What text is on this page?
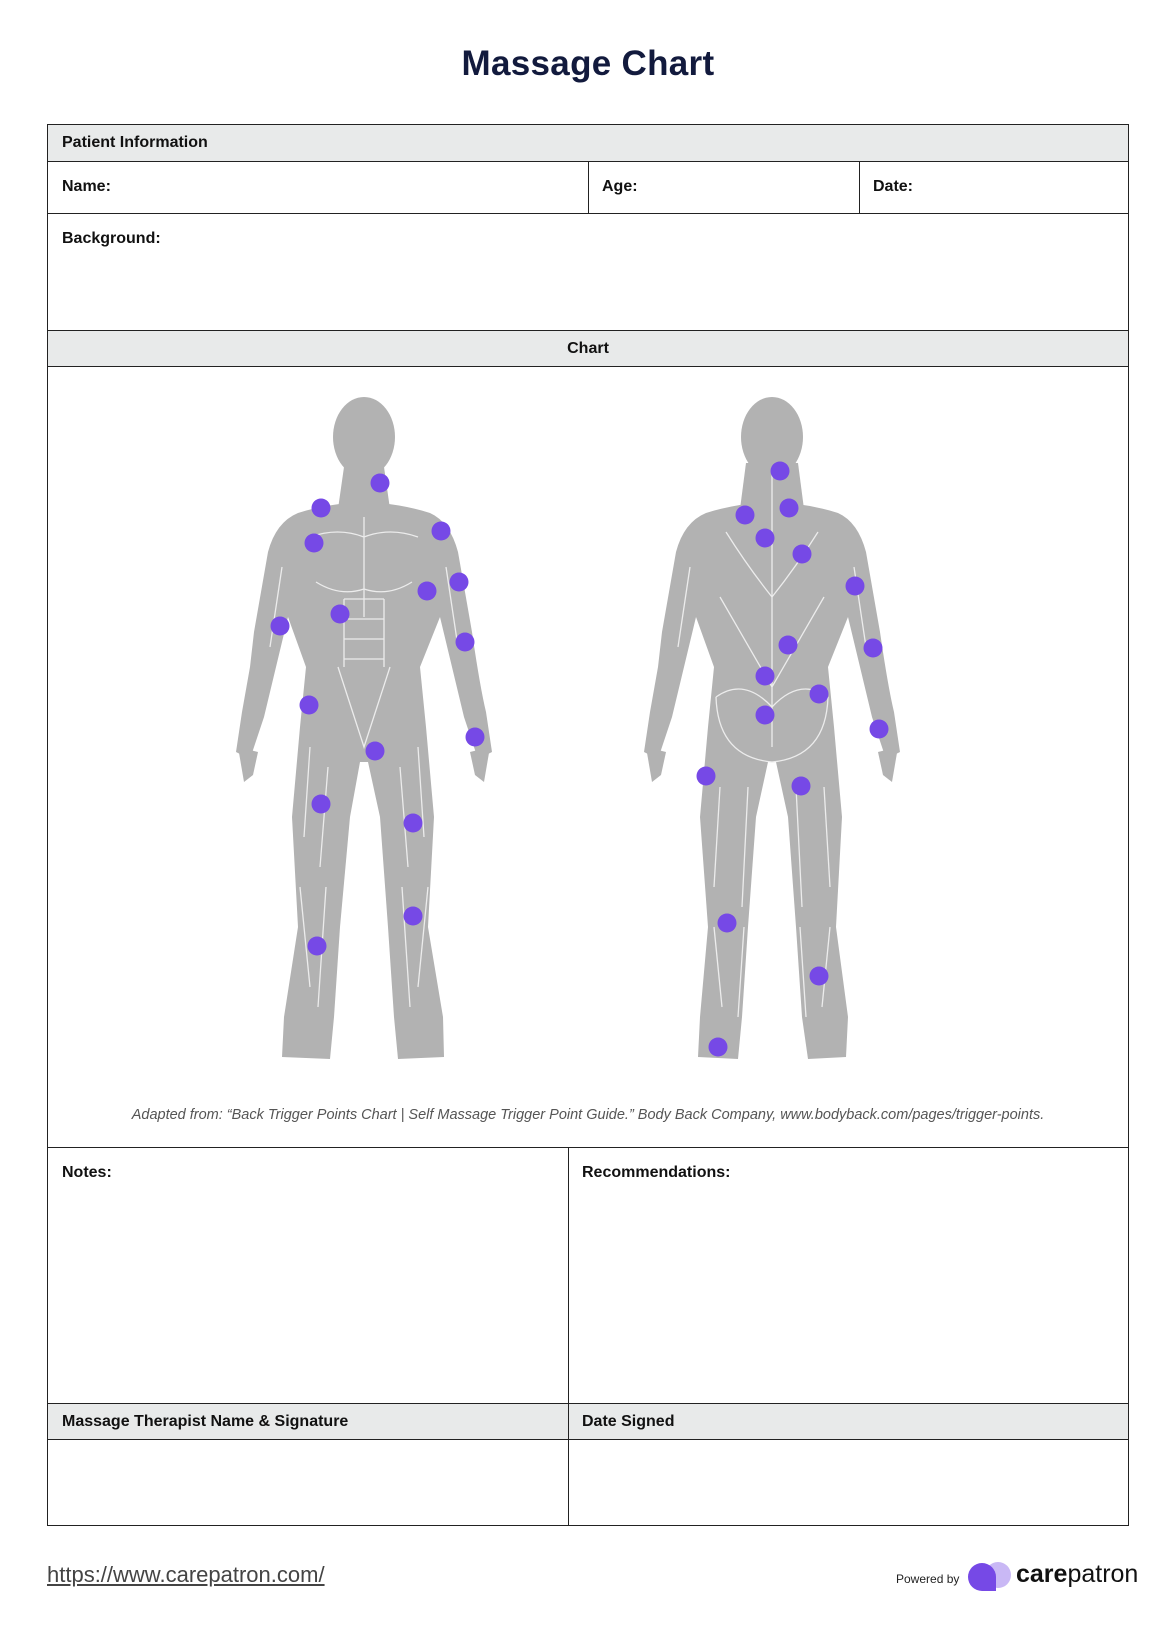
Massage Chart
Patient Information
Name:	Age:	Date:
Background:
Chart
Adapted from: “Back Trigger Points Chart | Self Massage Trigger Point Guide.” Body Back Company, www.bodyback.com/pages/trigger-points.
Notes:	Recommendations:
Massage Therapist Name & Signature	Date Signed
https://www.carepatron.com/	Powered by carepatron
